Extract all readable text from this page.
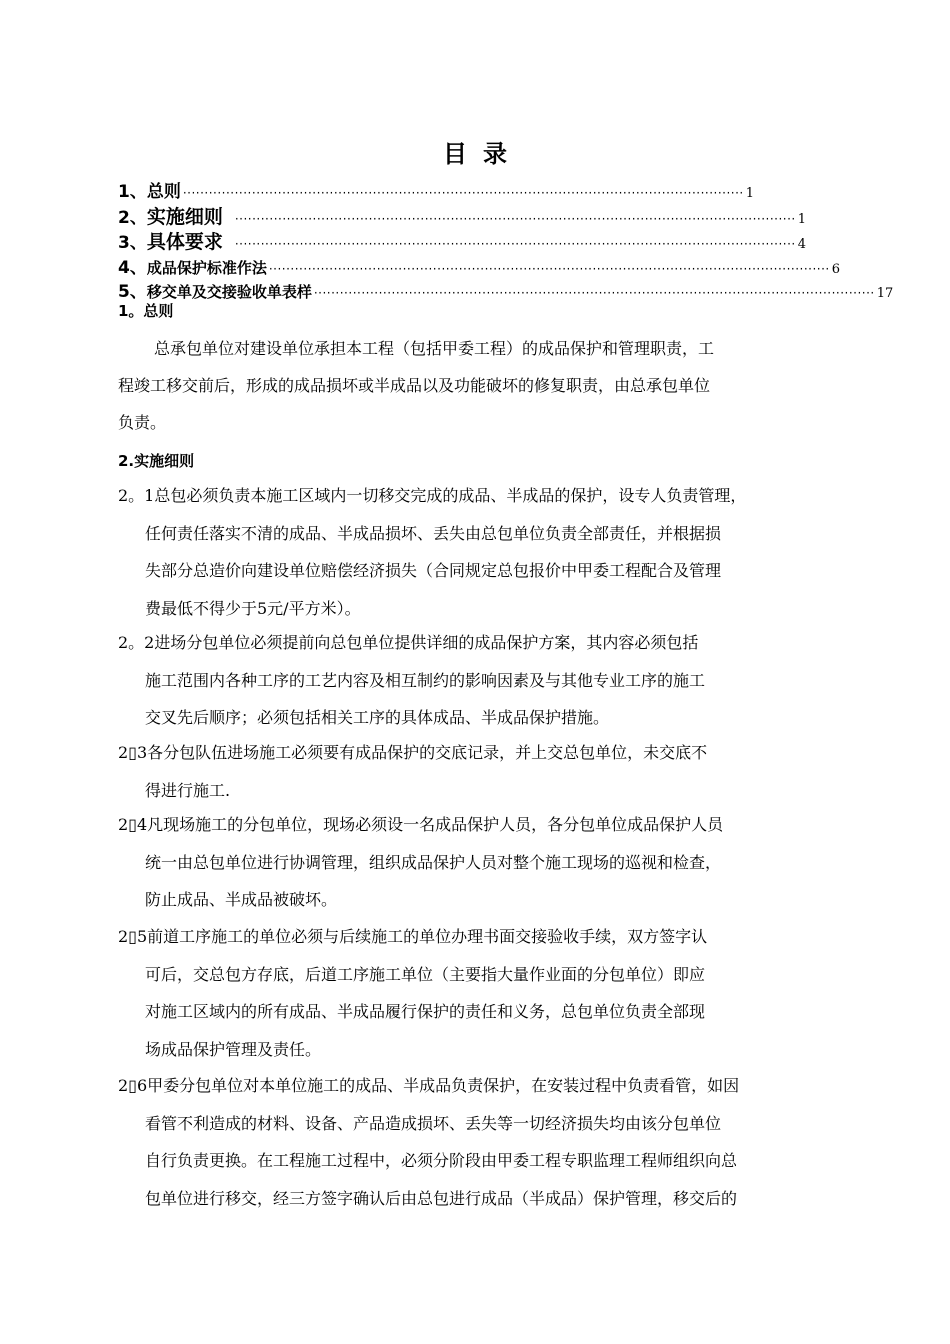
目录
1、 总则 ·································································································································· 1
2、 实施细则 ·································································································································· 1
3、 具体要求 ·································································································································· 4
4、 成品保护标准作法 ·································································································································· 6
5、 移交单及交接验收单表样 ·································································································································· 17
1。总则
总承包单位对建设单位承担本工程（包括甲委工程）的成品保护和管理职责，工
程竣工移交前后，形成的成品损坏或半成品以及功能破坏的修复职责，由总承包单位
负责。
2.实施细则
2。1总包必须负责本施工区域内一切移交完成的成品、半成品的保护，设专人负责管理，
任何责任落实不清的成品、半成品损坏、丢失由总包单位负责全部责任，并根据损
失部分总造价向建设单位赔偿经济损失（合同规定总包报价中甲委工程配合及管理
费最低不得少于5元/平方米）。
2。2进场分包单位必须提前向总包单位提供详细的成品保护方案，其内容必须包括
施工范围内各种工序的工艺内容及相互制约的影响因素及与其他专业工序的施工
交叉先后顺序；必须包括相关工序的具体成品、半成品保护措施。
2▯3各分包队伍进场施工必须要有成品保护的交底记录，并上交总包单位，未交底不
得进行施工.
2▯4凡现场施工的分包单位，现场必须设一名成品保护人员，各分包单位成品保护人员
统一由总包单位进行协调管理，组织成品保护人员对整个施工现场的巡视和检查，
防止成品、半成品被破坏。
2▯5前道工序施工的单位必须与后续施工的单位办理书面交接验收手续，双方签字认
可后，交总包方存底，后道工序施工单位（主要指大量作业面的分包单位）即应
对施工区域内的所有成品、半成品履行保护的责任和义务，总包单位负责全部现
场成品保护管理及责任。
2▯6甲委分包单位对本单位施工的成品、半成品负责保护，在安装过程中负责看管，如因
看管不利造成的材料、设备、产品造成损坏、丢失等一切经济损失均由该分包单位
自行负责更换。在工程施工过程中，必须分阶段由甲委工程专职监理工程师组织向总
包单位进行移交，经三方签字确认后由总包进行成品（半成品）保护管理，移交后的
